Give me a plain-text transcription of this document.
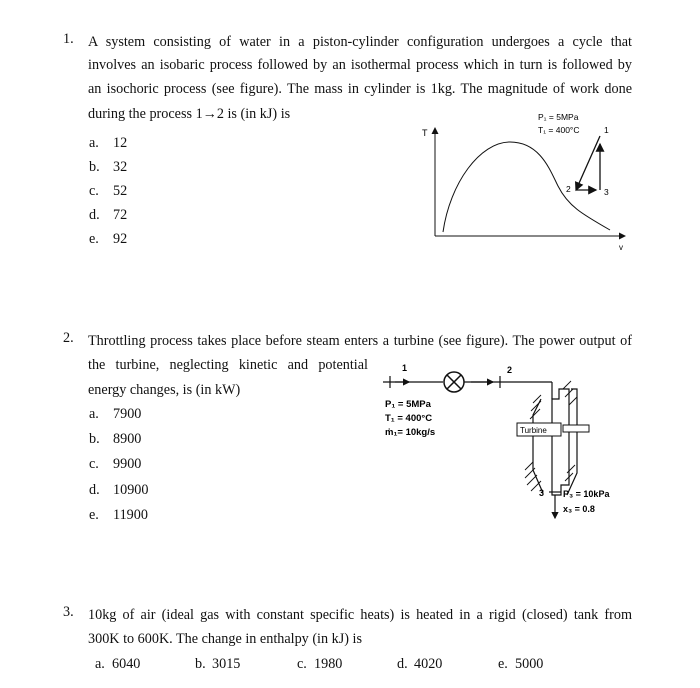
1. A system consisting of water in a piston-cylinder configuration undergoes a cycle that
involves an isobaric process followed by an isothermal process which in turn is followed by
an isochoric process (see figure). The mass in cylinder is 1kg. The magnitude of work done
during the process 1→2 is (in kJ) is
a. 12
b. 32
c. 52
d. 72
e. 92
T
v
P₁ = 5MPa
T₁ = 400°C	1
2	3
2. Throttling process takes place before steam enters a turbine (see figure). The power output of
the turbine, neglecting kinetic and potential
energy changes, is (in kW)
a. 7900
b. 8900
c. 9900
d. 10900
e. 11900
1	2
Turbine
3 P₃ = 10kPa
x₃ = 0.8
P₁ = 5MPa
T₁ = 400°C
ṁ₁= 10kg/s
3. 10kg of air (ideal gas with constant specific heats) is heated in a rigid (closed) tank from
300K to 600K. The change in enthalpy (in kJ) is
a. 6040	b. 3015	c. 1980	d. 4020	e. 5000
